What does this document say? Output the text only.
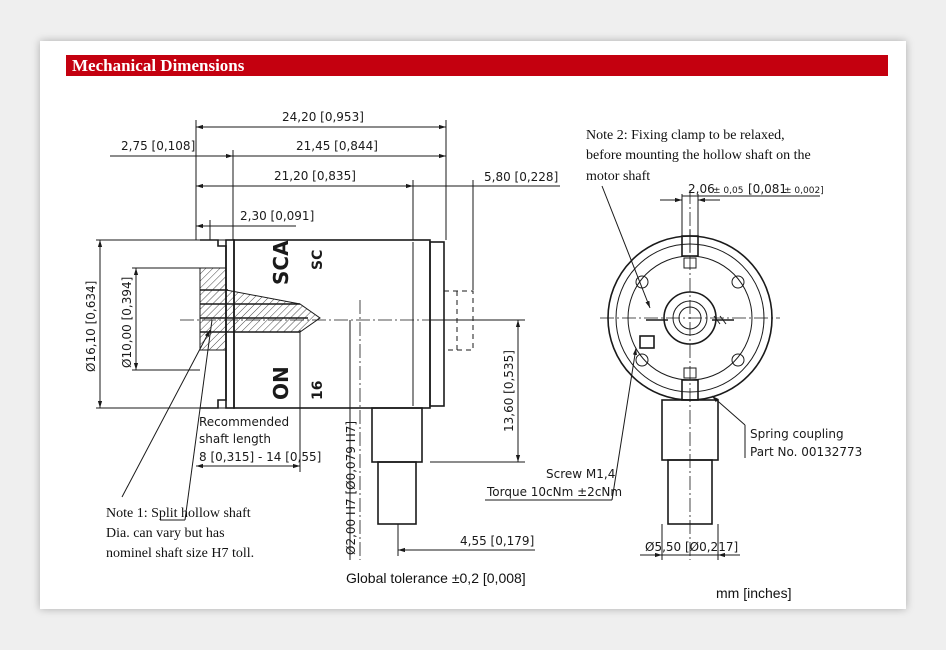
Mechanical Dimensions
SCA SC
ON 16
24,20 [0,953]
2,75 [0,108]	21,45 [0,844]
21,20 [0,835]	5,80 [0,228]
2,30 [0,091]
Ø16,10 [0,634] Ø10,00 [0,394]
13,60 [0,535]
Ø2,00 H7 [Ø0,079 H7]	4,55 [0,179]
Recommended
shaft length
8 [0,315] - 14 [0,55]
Note 1: Split hollow shaft
Dia. can vary but has
nominel shaft size H7 toll.
Note 2: Fixing clamp to be relaxed,
before mounting the hollow shaft on the
motor shaft
2,06
± 0,05 [0,081
± 0,002]
Screw M1,4
Torque 10cNm ±2cNm
Spring coupling
Part No. 00132773
Ø5,50 [Ø0,217]
Global tolerance ±0,2 [0,008]
mm [inches]
